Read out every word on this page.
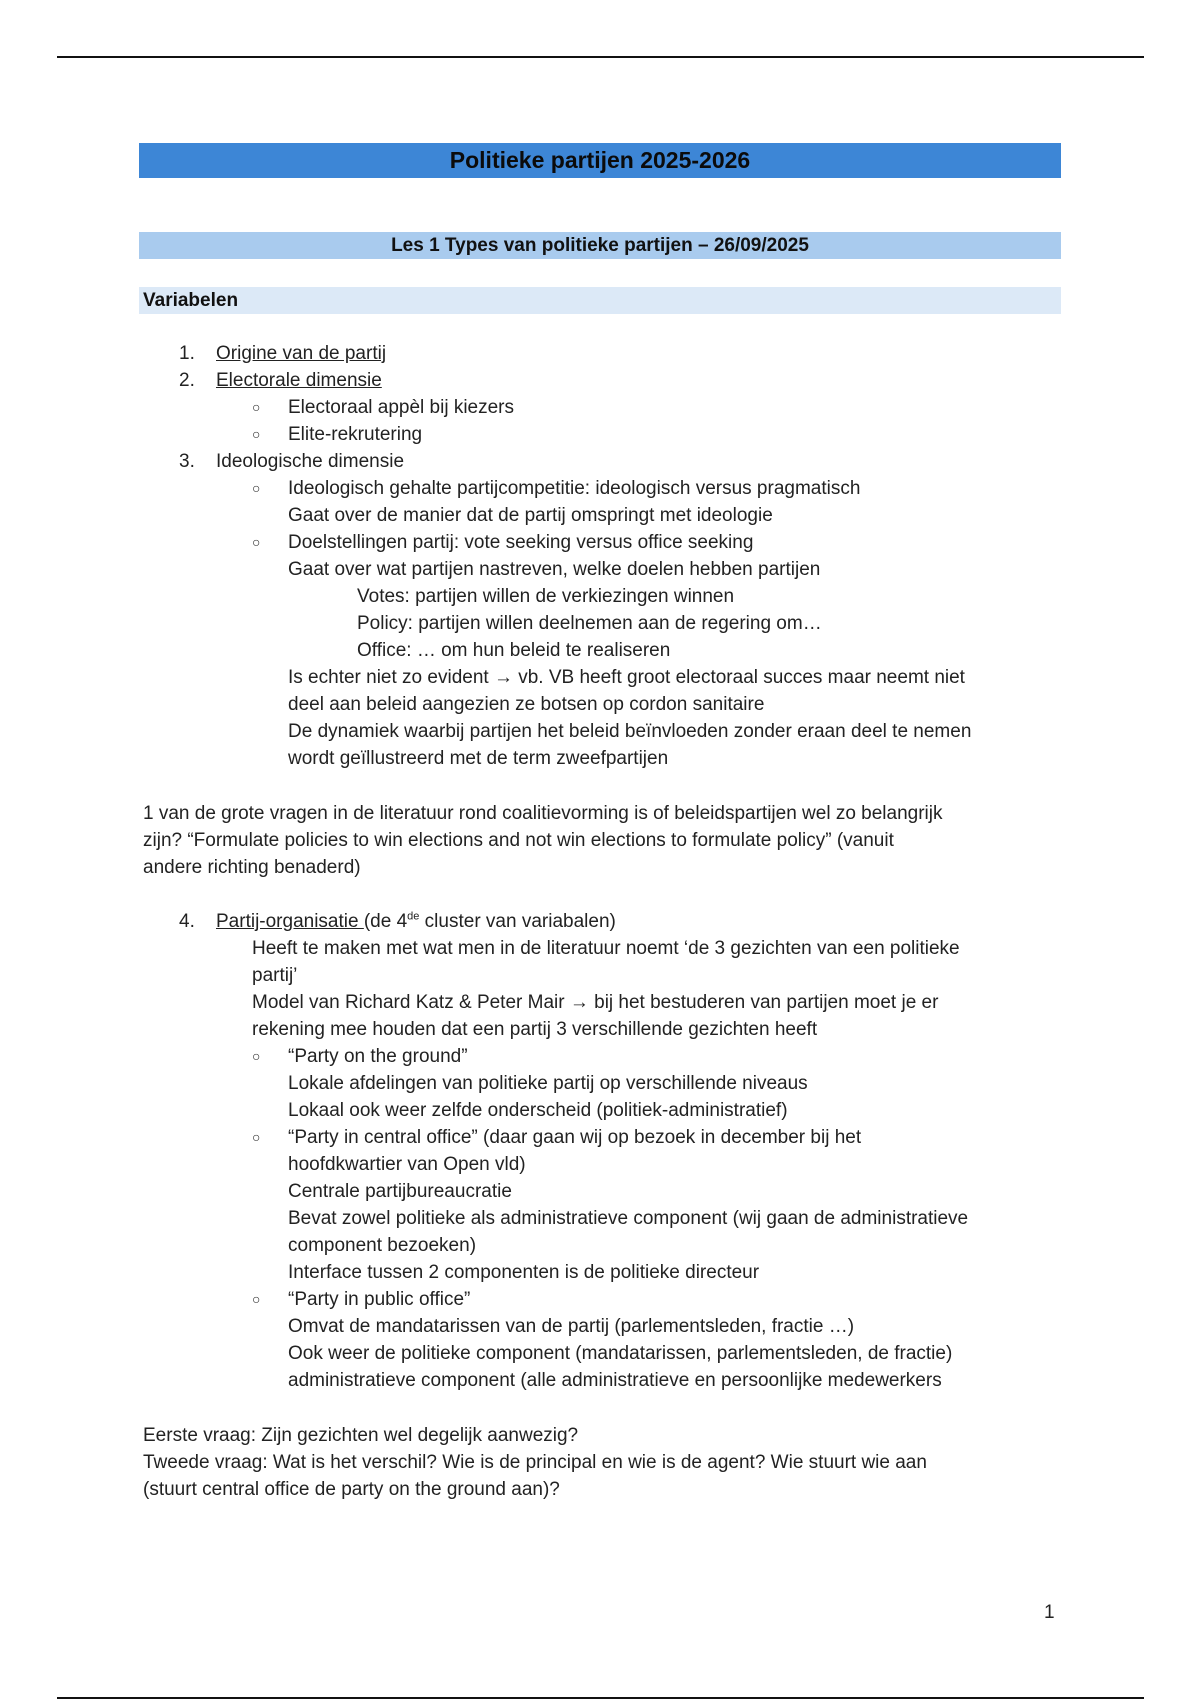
Politieke partijen 2025-2026
Les 1 Types van politieke partijen – 26/09/2025
Variabelen
1. Origine van de partij
2. Electorale dimensie
○ Electoraal appèl bij kiezers
○ Elite-rekrutering
3. Ideologische dimensie
○ Ideologisch gehalte partijcompetitie: ideologisch versus pragmatisch
Gaat over de manier dat de partij omspringt met ideologie
○ Doelstellingen partij: vote seeking versus office seeking
Gaat over wat partijen nastreven, welke doelen hebben partijen
Votes: partijen willen de verkiezingen winnen
Policy: partijen willen deelnemen aan de regering om…
Office: … om hun beleid te realiseren
Is echter niet zo evident → vb. VB heeft groot electoraal succes maar neemt niet
deel aan beleid aangezien ze botsen op cordon sanitaire
De dynamiek waarbij partijen het beleid beïnvloeden zonder eraan deel te nemen
wordt geïllustreerd met de term zweefpartijen
1 van de grote vragen in de literatuur rond coalitievorming is of beleidspartijen wel zo belangrijk
zijn? “Formulate policies to win elections and not win elections to formulate policy” (vanuit
andere richting benaderd)
4. Partij-organisatie (de 4de cluster van variabalen)
Heeft te maken met wat men in de literatuur noemt ‘de 3 gezichten van een politieke
partij’
Model van Richard Katz & Peter Mair → bij het bestuderen van partijen moet je er
rekening mee houden dat een partij 3 verschillende gezichten heeft
○ “Party on the ground”
Lokale afdelingen van politieke partij op verschillende niveaus
Lokaal ook weer zelfde onderscheid (politiek-administratief)
○ “Party in central office” (daar gaan wij op bezoek in december bij het
hoofdkwartier van Open vld)
Centrale partijbureaucratie
Bevat zowel politieke als administratieve component (wij gaan de administratieve
component bezoeken)
Interface tussen 2 componenten is de politieke directeur
○ “Party in public office”
Omvat de mandatarissen van de partij (parlementsleden, fractie …)
Ook weer de politieke component (mandatarissen, parlementsleden, de fractie)
administratieve component (alle administratieve en persoonlijke medewerkers
Eerste vraag: Zijn gezichten wel degelijk aanwezig?
Tweede vraag: Wat is het verschil? Wie is de principal en wie is de agent? Wie stuurt wie aan
(stuurt central office de party on the ground aan)?
1
